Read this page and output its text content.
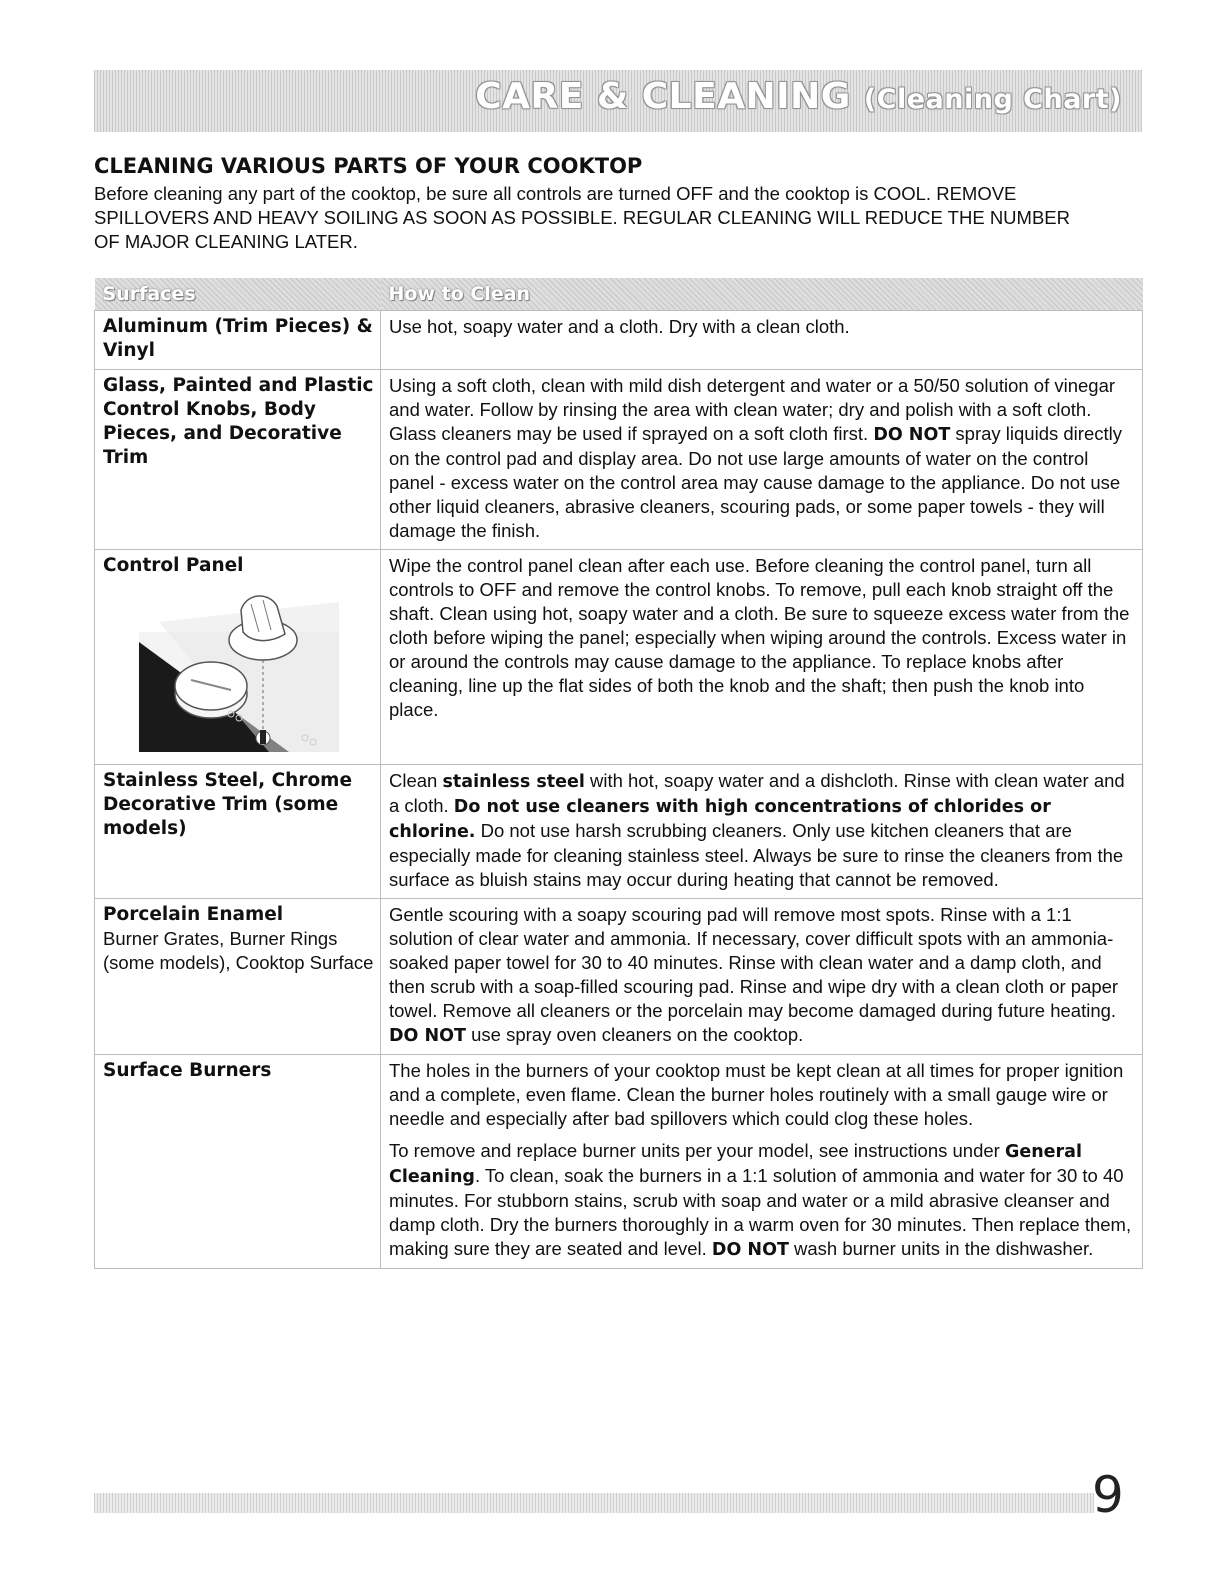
CARE & CLEANING (Cleaning Chart)
CLEANING VARIOUS PARTS OF YOUR COOKTOP
Before cleaning any part of the cooktop, be sure all controls are turned OFF and the cooktop is COOL. REMOVE SPILLOVERS AND HEAVY SOILING AS SOON AS POSSIBLE. REGULAR CLEANING WILL REDUCE THE NUMBER OF MAJOR CLEANING LATER.
Surfaces	How to Clean

Aluminum (Trim Pieces) & Vinyl	Use hot, soapy water and a cloth. Dry with a clean cloth.

Glass, Painted and Plastic Control Knobs, Body Pieces, and Decorative Trim	Using a soft cloth, clean with mild dish detergent and water or a 50/50 solution of vinegar and water. Follow by rinsing the area with clean water; dry and polish with a soft cloth. Glass cleaners may be used if sprayed on a soft cloth first. DO NOT spray liquids directly on the control pad and display area. Do not use large amounts of water on the control panel - excess water on the control area may cause damage to the appliance. Do not use other liquid cleaners, abrasive cleaners, scouring pads, or some paper towels - they will damage the finish.

Control Panel	Wipe the control panel clean after each use. Before cleaning the control panel, turn all controls to OFF and remove the control knobs. To remove, pull each knob straight off the shaft. Clean using hot, soapy water and a cloth. Be sure to squeeze excess water from the cloth before wiping the panel; especially when wiping around the controls. Excess water in or around the controls may cause damage to the appliance. To replace knobs after cleaning, line up the flat sides of both the knob and the shaft; then push the knob into place.

Stainless Steel, Chrome Decorative Trim (some models)	Clean stainless steel with hot, soapy water and a dishcloth. Rinse with clean water and a cloth. Do not use cleaners with high concentrations of chlorides or chlorine. Do not use harsh scrubbing cleaners. Only use kitchen cleaners that are especially made for cleaning stainless steel. Always be sure to rinse the cleaners from the surface as bluish stains may occur during heating that cannot be removed.

Porcelain Enamel
Burner Grates, Burner Rings (some models), Cooktop Surface	Gentle scouring with a soapy scouring pad will remove most spots. Rinse with a 1:1 solution of clear water and ammonia. If necessary, cover difficult spots with an ammonia-soaked paper towel for 30 to 40 minutes. Rinse with clean water and a damp cloth, and then scrub with a soap-filled scouring pad. Rinse and wipe dry with a clean cloth or paper towel. Remove all cleaners or the porcelain may become damaged during future heating. DO NOT use spray oven cleaners on the cooktop.

Surface Burners	The holes in the burners of your cooktop must be kept clean at all times for proper ignition and a complete, even flame. Clean the burner holes routinely with a small gauge wire or needle and especially after bad spillovers which could clog these holes.

To remove and replace burner units per your model, see instructions under General Cleaning. To clean, soak the burners in a 1:1 solution of ammonia and water for 30 to 40 minutes. For stubborn stains, scrub with soap and water or a mild abrasive cleanser and damp cloth. Dry the burners thoroughly in a warm oven for 30 minutes. Then replace them, making sure they are seated and level. DO NOT wash burner units in the dishwasher.

9
